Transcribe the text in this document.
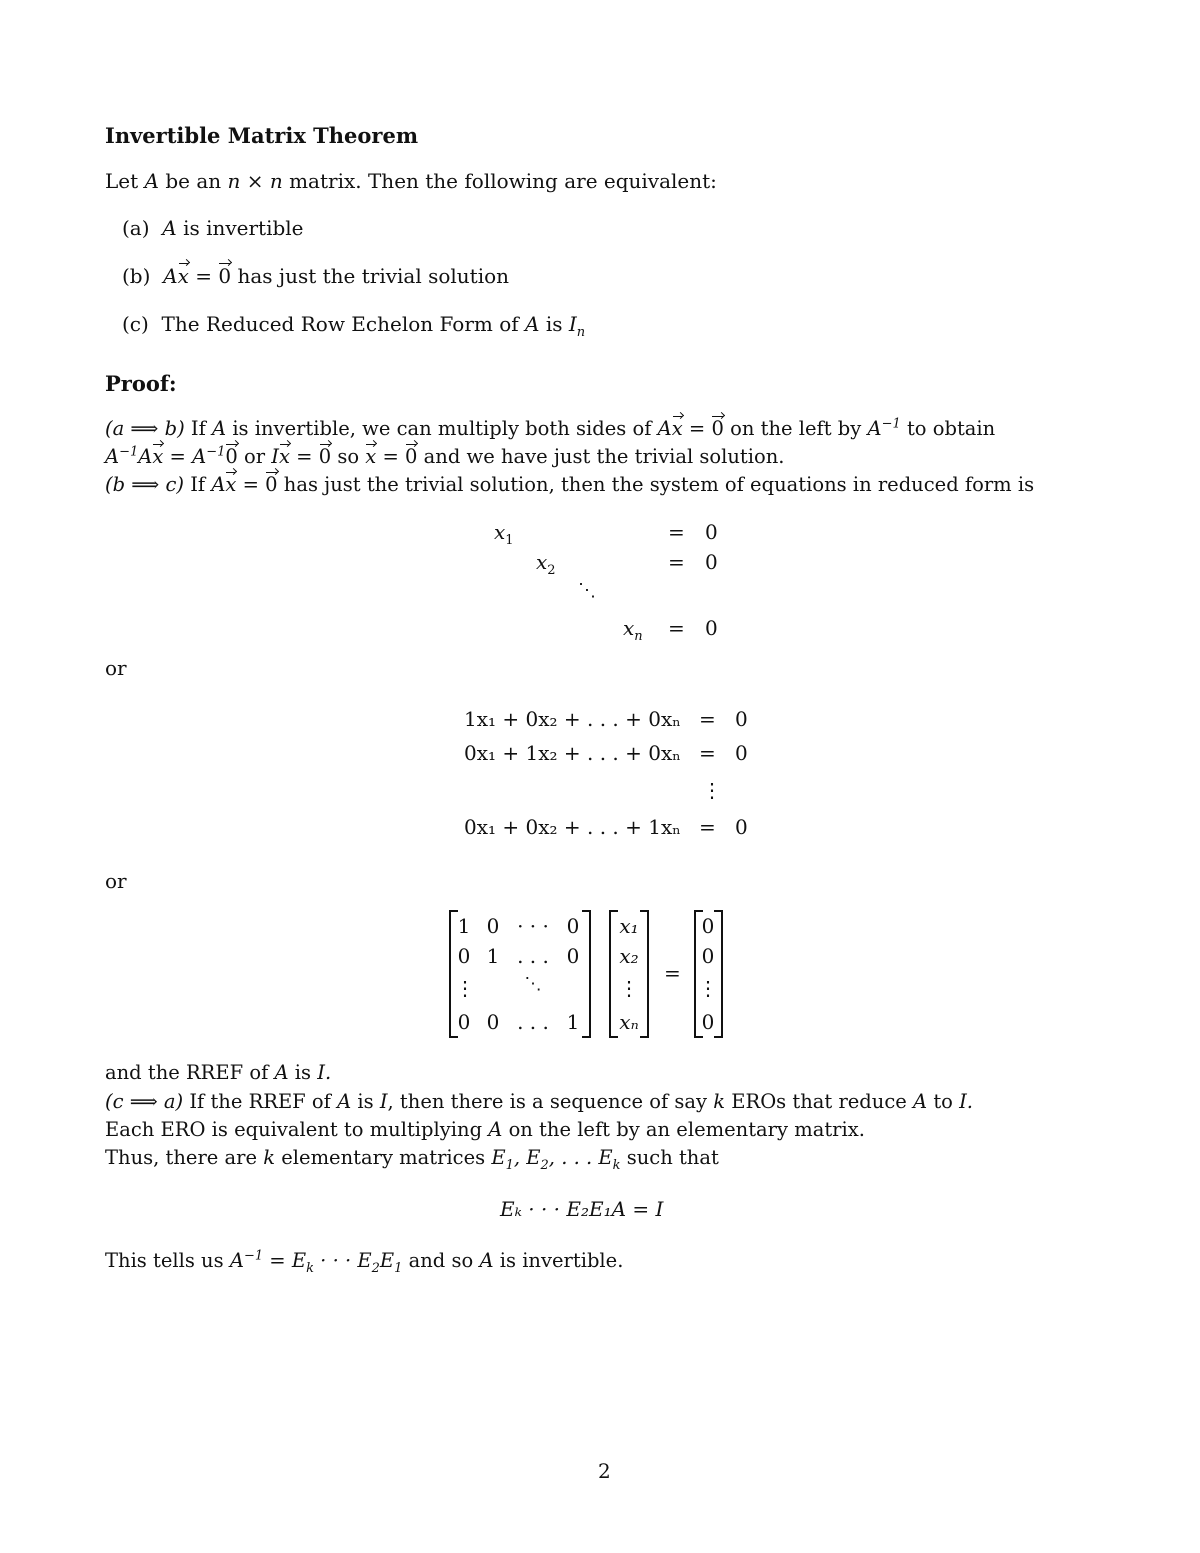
Invertible Matrix Theorem
Let A be an n × n matrix. Then the following are equivalent:
(a) A is invertible
(b) Ax = 0 has just the trivial solution
(c) The Reduced Row Echelon Form of A is $I_n$
Proof:
(a ⟹ b) If A is invertible, we can multiply both sides of Ax = 0 on the left by $A^{-1}$ to obtain
$A^{-1}Ax = A^{-1}0$ or Ix = 0 so x = 0 and we have just the trivial solution.
(b ⟹ c) If Ax = 0 has just the trivial solution, then the system of equations in reduced form is
$x_1$
$x_2$
⋱
$x_n$
=
=
=
0
0
0
or
1x₁ + 0x₂ + . . . + 0xₙ
0x₁ + 1x₂ + . . . + 0xₙ
0x₁ + 0x₂ + . . . + 1xₙ
=
=
⋮
=
0
0
0
or
1 0 · · · 0
0 1 . . . 0
⋮	⋱
0 0 . . . 1
x₁
x₂
⋮
xₙ
=
0
0
⋮
0
and the RREF of A is I.
(c ⟹ a) If the RREF of A is I, then there is a sequence of say k EROs that reduce A to I.
Each ERO is equivalent to multiplying A on the left by an elementary matrix.
Thus, there are k elementary matrices $E_1$, $E_2$, . . . $E_k$ such that
Eₖ · · · E₂E₁A = I
This tells us $A^{-1} = E_k$ · · · $E_2E_1$ and so A is invertible.
2
